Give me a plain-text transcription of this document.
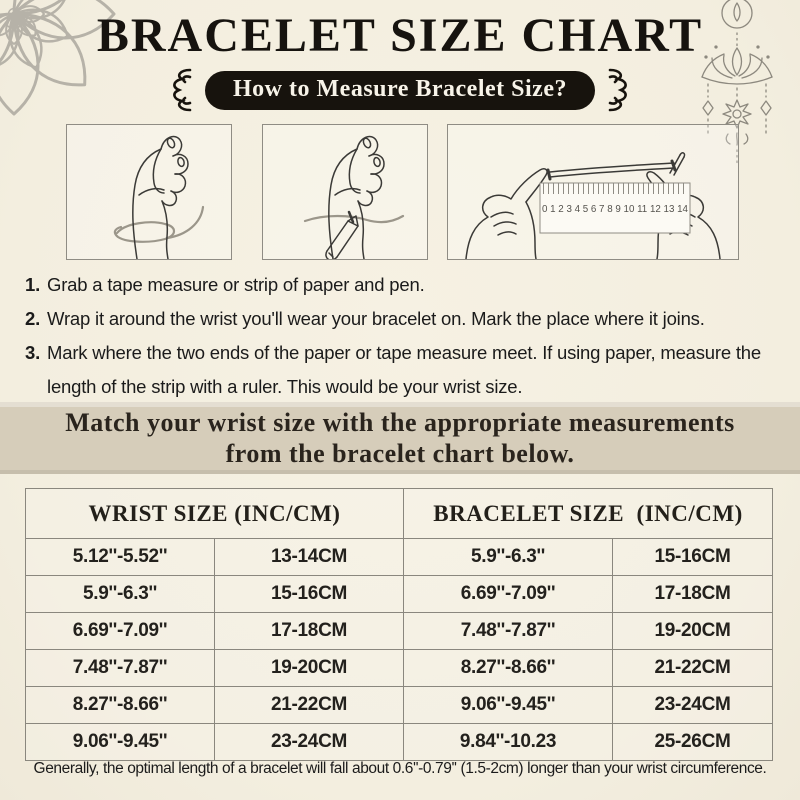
BRACELET SIZE CHART
How to Measure Bracelet Size?
0 1 2 3 4 5 6 7 8 9 10 11 12 13 14
1. Grab a tape measure or strip of paper and pen.
2. Wrap it around the wrist you'll wear your bracelet on. Mark the place where it joins.
3. Mark where the two ends of the paper or tape measure meet. If using paper, measure the length of the strip with a ruler. This would be your wrist size.
Match your wrist size with the appropriate measurements
from the bracelet chart below.
WRIST SIZE (INC/CM)	BRACELET SIZE  (INC/CM)
5.12''-5.52''	13-14CM	5.9''-6.3''	15-16CM
5.9''-6.3''	15-16CM	6.69''-7.09''	17-18CM
6.69''-7.09''	17-18CM	7.48''-7.87''	19-20CM
7.48''-7.87''	19-20CM	8.27''-8.66''	21-22CM
8.27''-8.66''	21-22CM	9.06''-9.45''	23-24CM
9.06''-9.45''	23-24CM	9.84''-10.23	25-26CM
Generally, the optimal length of a bracelet will fall about 0.6''-0.79'' (1.5-2cm) longer than your wrist circumference.
